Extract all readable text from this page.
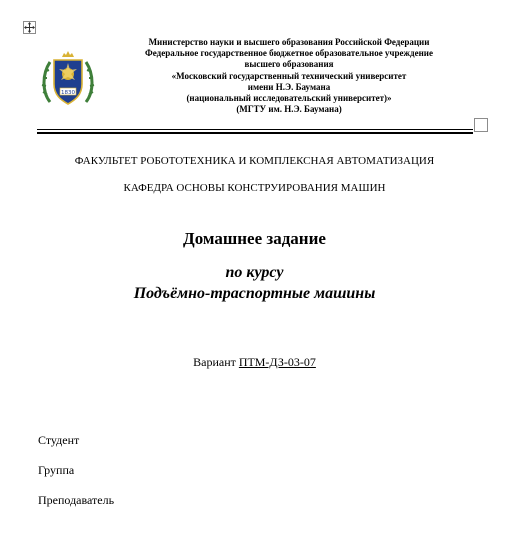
1830
Министерство науки и высшего образования Российской Федерации
Федеральное государственное бюджетное образовательное учреждение
высшего образования
«Московский государственный технический университет
имени Н.Э. Баумана
(национальный исследовательский университет)»
(МГТУ им. Н.Э. Баумана)
ФАКУЛЬТЕТ РОБОТОТЕХНИКА И КОМПЛЕКСНАЯ АВТОМАТИЗАЦИЯ
КАФЕДРА ОСНОВЫ КОНСТРУИРОВАНИЯ МАШИН
Домашнее задание
по курсу
Подъёмно-траспортные машины
Вариант ПТМ-ДЗ-03-07
Студент
Группа
Преподаватель
